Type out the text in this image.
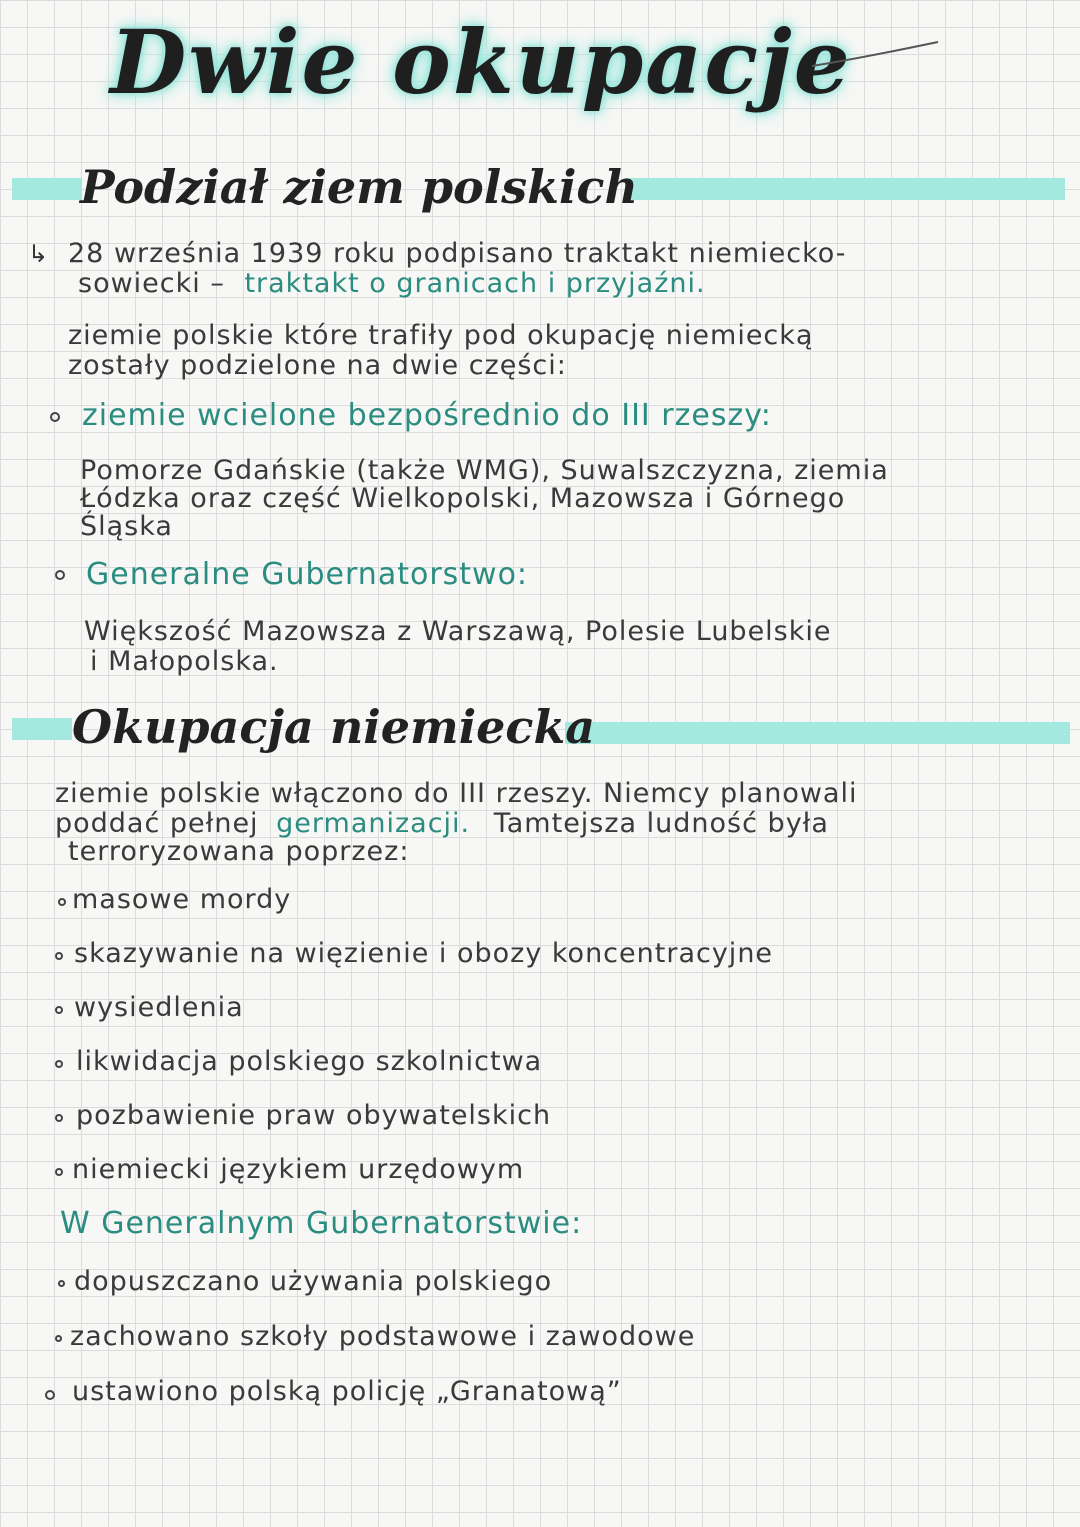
Dwie okupacje
Podział ziem polskich
↳ 28 września 1939 roku podpisano traktakt niemiecko-
sowiecki – traktakt o granicach i przyjaźni.
ziemie polskie które trafiły pod okupację niemiecką
zostały podzielone na dwie części:
ziemie wcielone bezpośrednio do III rzeszy:
Pomorze Gdańskie (także WMG), Suwalszczyzna, ziemia
Łódzka oraz część Wielkopolski, Mazowsza i Górnego
Śląska
Generalne Gubernatorstwo:
Większość Mazowsza z Warszawą, Polesie Lubelskie
i Małopolska.
Okupacja niemiecka
ziemie polskie włączono do III rzeszy. Niemcy planowali
poddać pełnej germanizacji. Tamtejsza ludność była
terroryzowana poprzez:
masowe mordy
skazywanie na więzienie i obozy koncentracyjne
wysiedlenia
likwidacja polskiego szkolnictwa
pozbawienie praw obywatelskich
niemiecki językiem urzędowym
W Generalnym Gubernatorstwie:
dopuszczano używania polskiego
zachowano szkoły podstawowe i zawodowe
ustawiono polską policję „Granatową”
